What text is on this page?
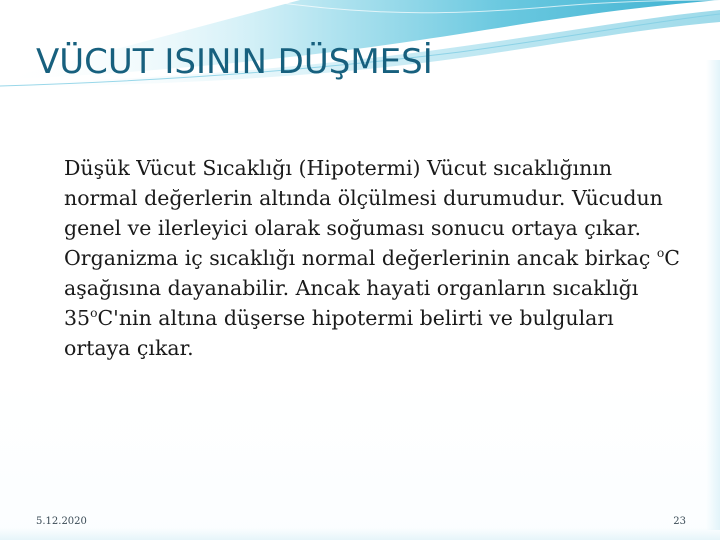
VÜCUT ISININ DÜŞMESİ

Düşük Vücut Sıcaklığı (Hipotermi) Vücut sıcaklığının normal değerlerin altında ölçülmesi durumudur. Vücudun genel ve ilerleyici olarak soğuması sonucu ortaya çıkar. Organizma iç sıcaklığı normal değerlerinin ancak birkaç $^o$C aşağısına dayanabilir. Ancak hayati organların sıcaklığı 35$^o$C'nin altına düşerse hipotermi belirti ve bulguları ortaya çıkar.

5.12.2020	23
